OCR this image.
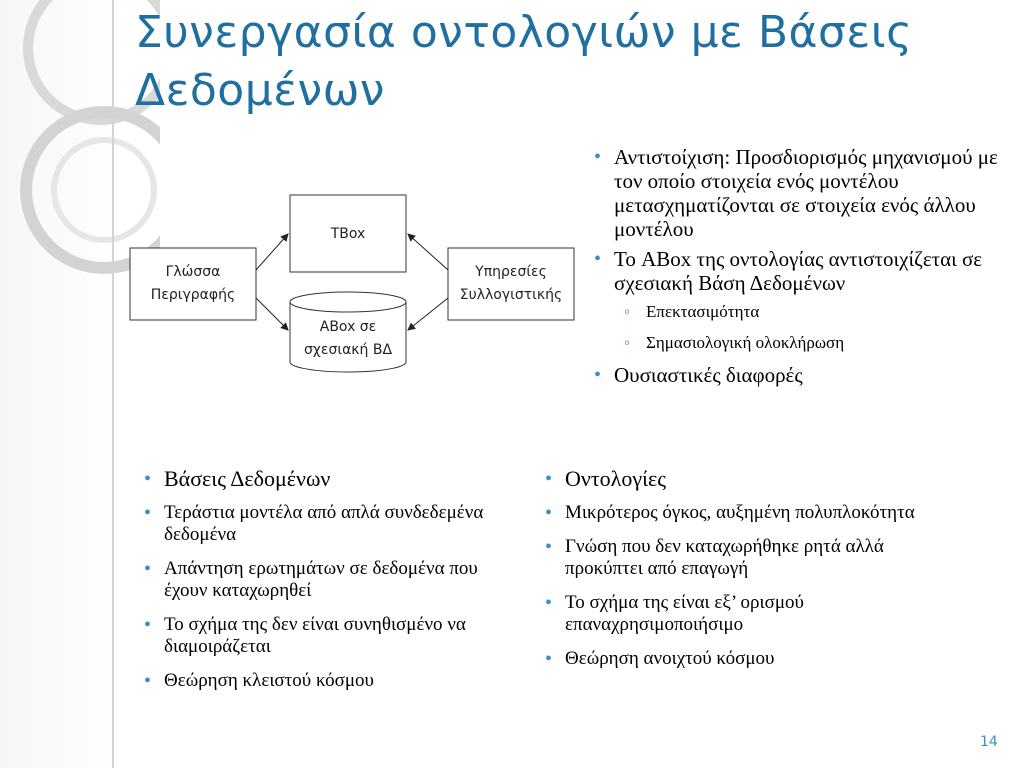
Συνεργασία οντολογιών με Βάσεις Δεδομένων
Γλώσσα
Περιγραφής
TBox
ABox σε
σχεσιακή ΒΔ
Υπηρεσίες
Συλλογιστικής
• Αντιστοίχιση: Προσδιορισμός μηχανισμού με τον οποίο στοιχεία ενός μοντέλου μετασχηματίζονται σε στοιχεία ενός άλλου μοντέλου
• Το ABox της οντολογίας αντιστοιχίζεται σε σχεσιακή Βάση Δεδομένων
◦ Επεκτασιμότητα
◦ Σημασιολογική ολοκλήρωση
• Ουσιαστικές διαφορές
• Βάσεις Δεδομένων
• Τεράστια μοντέλα από απλά συνδεδεμένα δεδομένα
• Απάντηση ερωτημάτων σε δεδομένα που έχουν καταχωρηθεί
• Το σχήμα της δεν είναι συνηθισμένο να διαμοιράζεται
• Θεώρηση κλειστού κόσμου
• Οντολογίες
• Μικρότερος όγκος, αυξημένη πολυπλοκότητα
• Γνώση που δεν καταχωρήθηκε ρητά αλλά προκύπτει από επαγωγή
• Το σχήμα της είναι εξ’ ορισμού επαναχρησιμοποιήσιμο
• Θεώρηση ανοιχτού κόσμου
14
